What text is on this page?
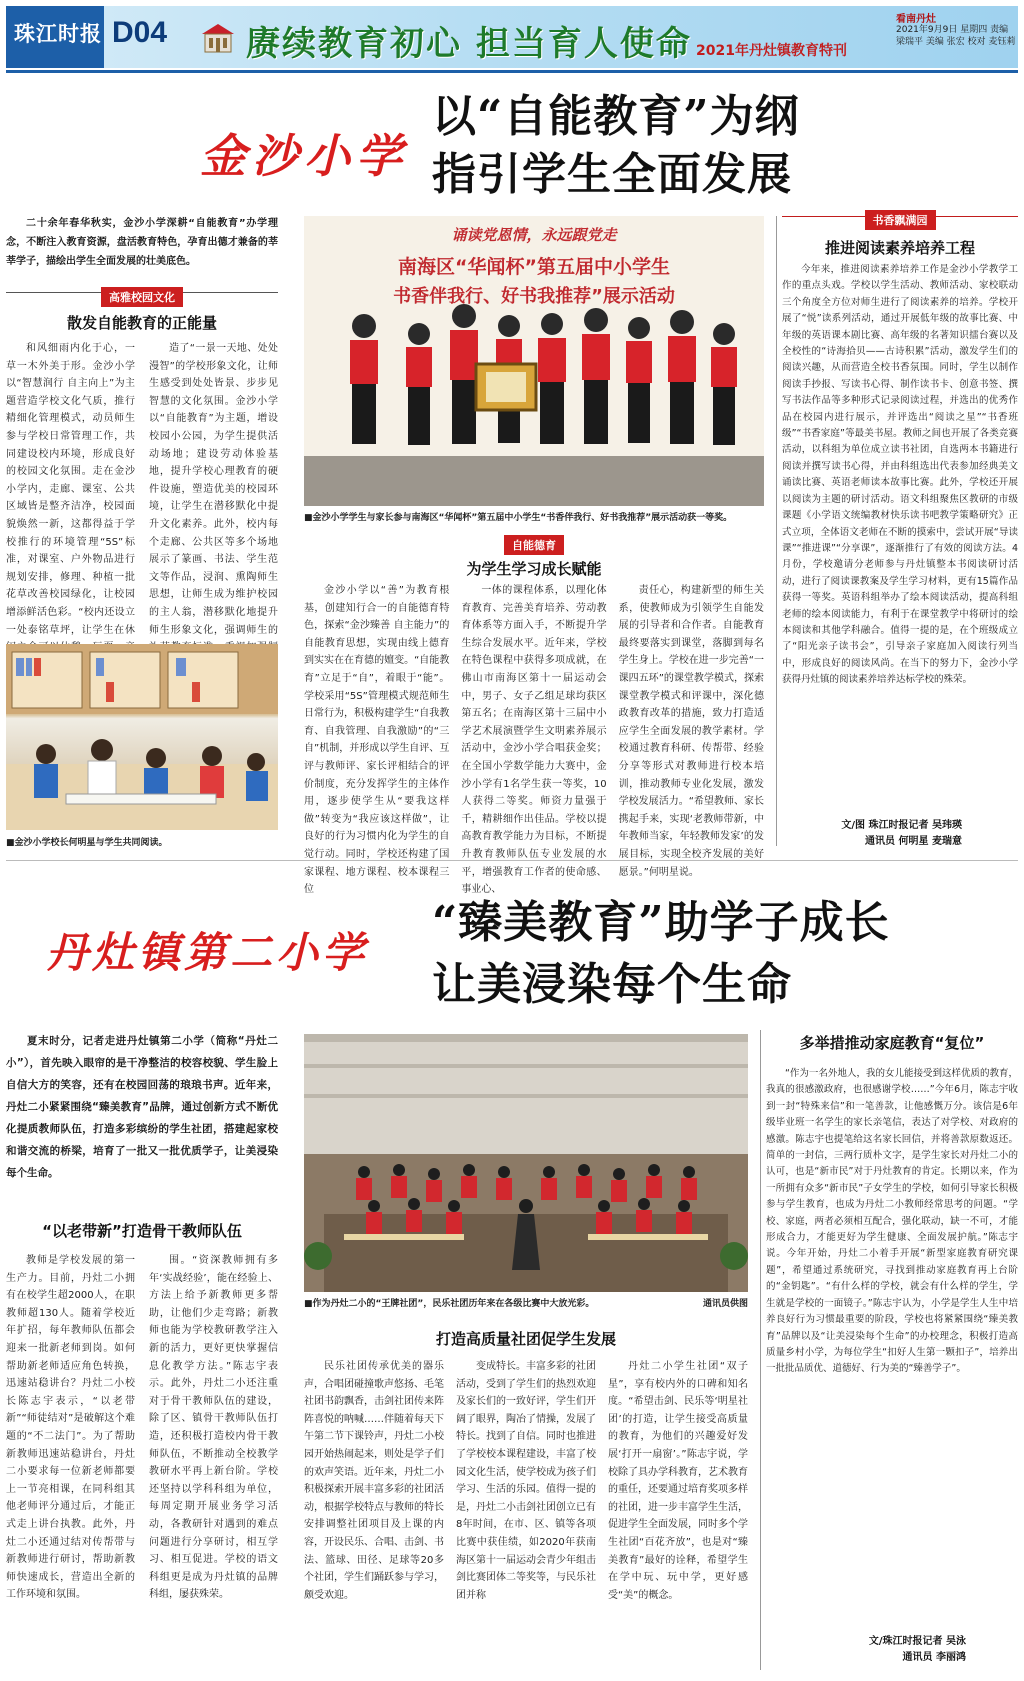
珠江时报 D04 赓续教育初心 担当育人使命 2021年丹灶镇教育特刊
看南丹灶
2021年9月9日 星期四 责编 梁瑞平 美编 张宏 校对 麦钰莉
金沙小学
以“自能教育”为纲
指引学生全面发展
二十余年春华秋实，金沙小学深耕“自能教育”办学理念，不断注入教育资源，盘活教育特色，孕育出德才兼备的莘莘学子，描绘出学生全面发展的壮美底色。
高雅校园文化
散发自能教育的正能量

和风细雨内化于心，一草一木外美于形。金沙小学以“智慧润行 自主向上”为主题营造学校文化气质，推行精细化管理模式，动员师生参与学校日常管理工作，共同建设校内环境，形成良好的校园文化氛围。走在金沙小学内，走廊、课室、公共区域皆是整齐洁净，校园面貌焕然一新，这都得益于学校推行的环境管理“5S”标准，对课室、户外物品进行规划安排，修理、种植一批花草改善校园绿化，让校园增添鲜活色彩。“校内还设立一处泰铭草坪，让学生在休

造了“一景一天地、处处漫智”的学校形象文化，让师生感受到处处皆景、步步见智慧的文化氛围。金沙小学以“自能教育”为主题，增设校园小公园，为学生提供活动场地；建设劳动体验基地，提升学校心理教育的硬件设施，塑造优美的校园环境，让学生在潜移默化中提升文化素养。此外，校内每个走廊、公共区等多个场地展示了篆画、书法、学生范文等作品，浸润、熏陶师生思想，让师生成为维护校园的主人翁，潜移默化地提升师生形象文化，强调师生的

■金沙小学校长何明星与学生共同阅读。
诵读党恩情，永远跟党走
南海区“华闻杯”第五届中小学生
书香伴我行、好书我推荐”展示活动
■金沙小学学生与家长参与南海区“华闻杯”第五届中小学生“书香伴我行、好书我推荐”展示活动获一等奖。
自能德育
为学生学习成长赋能

金沙小学以“善”为教育根基，创建知行合一的自能德育特色，探索“金沙臻善 自主能力”的自能教育思想，实现由线上德育到实实在在育德的嬗变。“自能教育”立足于“自”，着眼于“能”。学校采用“5S”管理模式规范师生日常行为，积极构建学生“自我教育、自我管理、自我激励”的“三自”机制，并形成以学生自评、互评与教师评、家长评相结合的评价制度，充分发挥学生的主体作用，逐步使学生从“要我这样做”转变为“我应该这样做”，让良好的行为习惯内化为学生的自觉行动。同时，学校还构建了国家课程、地方课程、校本课程三位

一体的课程体系，以理化体育教育、完善美育培养、劳动教育体系等方面入手，不断提升学生综合发展水平。近年来，学校在特色课程中获得多项成就，在佛山市南海区第十一届运动会中，男子、女子乙组足球均获区第五名；在南海区第十三届中小学艺术展演暨学生文明素养展示活动中，金沙小学合唱获金奖；在全国小学数学能力大赛中，金沙小学有1名学生获一等奖，10人获得二等奖。师资力量强于千，精耕细作出佳品。学校以提高教育教学能力为目标，不断提升教育教师队伍专业发展的水平，增强教育工作者的使命感、事业心、

责任心，构建新型的师生关系，使教师成为引领学生自能发展的引导者和合作者。自能教育最终要落实到课堂，落脚到每名学生身上。学校在进一步完善“一课四五环”的课堂教学模式，探索课堂教学模式和评课中，深化德政教育改革的措施，致力打造适应学生全面发展的教学素材。学校通过教育科研、传帮带、经验分享等形式对教师进行校本培训，推动教师专业化发展，激发学校发展活力。“希望教师、家长携起手来，实现‘老教师带新，中年教师当家，年轻教师发家’的发展目标，实现全校齐发展的美好愿景。”何明星说。

书香飘满园
推进阅读素养培养工程

今年来，推进阅读素养培养工作是金沙小学教学工作的重点头戏。学校以学生活动、教师活动、家校联动三个角度全方位对师生进行了阅读素养的培养。学校开展了“悦”读系列活动，通过开展低年级的故事比赛、中年级的英语课本剧比赛、高年级的名著知识擂台赛以及全校性的“诗海拾贝——古诗积累”活动，激发学生们的阅读兴趣，从而营造全校书香氛围。同时，学生以制作阅读手抄报、写读书心得、制作读书卡、创意书签、撰写书法作品等多种形式记录阅读过程，并选出的优秀作品在校园内进行展示，并评选出“阅读之星”“书香班级”“书香家庭”等最美书屋。教师之间也开展了各类竞赛活动，以科组为单位成立读书社团，自选两本书籍进行阅读并撰写读书心得，并由科组选出代表参加经典美文诵读比赛、英语老师读本故事比赛。此外，学校还开展以阅读为主题的研讨活动。语文科组聚焦区教研的市级课题《小学语文统编教材快乐读书吧教学策略研究》正式立项，全体语文老师在不断的摸索中，尝试开展“导读课”“推进课”“分享课”，逐渐推行了有效的阅读方法。4月份，学校邀请分老师参与丹灶镇整本书阅读研讨活动，进行了阅读课教案及学生学习材料，更有15篇作品获得一等奖。英语科组举办了绘本阅读活动，提高科组老师的绘本阅读能力，有利于在课堂教学中将研讨的绘本阅读和其他学科融合。值得一提的是，在个班级成立了“阳光亲子读书会”，引导亲子家庭加入阅读行列当中，形成良好的阅读风尚。在当下的努力下，金沙小学获得丹灶镇的阅读素养培养达标学校的殊荣。

文/图 珠江时报记者 吴玮瑛
通讯员 何明星 麦瑞意
丹灶镇第二小学
“臻美教育”助学子成长
让美浸染每个生命
夏末时分，记者走进丹灶镇第二小学（简称“丹灶二小”），首先映入眼帘的是干净整洁的校容校貌、学生脸上自信大方的笑容，还有在校园回荡的琅琅书声。近年来，丹灶二小紧紧围绕“臻美教育”品牌，通过创新方式不断优化提质教师队伍，打造多彩缤纷的学生社团，搭建起家校和谐交流的桥梁，培育了一批又一批优质学子，让美浸染每个生命。
“以老带新”打造骨干教师队伍

教师是学校发展的第一生产力。目前，丹灶二小拥有在校学生超2000人，在职教师超130人。随着学校近年扩招，每年教师队伍都会迎来一批新老师到岗。如何帮助新老师适应角色转换，迅速站稳讲台？丹灶二小校长陈志宇表示，“以老带新”“师徒结对”是破解这个难题的“不二法门”。为了帮助新教师迅速站稳讲台，丹灶二小要求每一位新老师都要上一节亮相课，在同科组其他老师评分通过后，才能正式走上讲台执教。此外，丹灶二小还通过结对传帮带与新教师进行研讨，帮助新教师快速成长，营造出全新的工作环境和氛围。

围。“资深教师拥有多年‘实战经验’，能在经验上、方法上给予新教师更多帮助，让他们少走弯路；新教师也能为学校教研教学注入新的活力，更好更快掌握信息化教学方法。”陈志宇表示。此外，丹灶二小还注重对于骨干教师队伍的建设，除了区、镇骨干教师队伍打造，还积极打造校内骨干教师队伍，不断推动全校教学教研水平再上新台阶。学校还坚持以学科科组为单位，每周定期开展业务学习活动，各教研针对遇到的难点问题进行分享研讨，相互学习、相互促进。学校的语文科组更是成为丹灶镇的品牌科组，屡获殊荣。

■作为丹灶二小的“王牌社团”，民乐社团历年来在各级比赛中大放光彩。	通讯员供图
打造高质量社团促学生发展

民乐社团传承优美的器乐声，合唱团碰撞歌声悠扬、毛笔社团书韵飘香，击剑社团传来阵阵喜悦的呐喊……伴随着每天下午第二节下课铃声，丹灶二小校园开始热闹起来，则处是学子们的欢声笑语。近年来，丹灶二小积极探索开展丰富多彩的社团活动，根据学校特点与教师的特长安排调整社团项目及上课的内容，开设民乐、合唱、击剑、书法、篮球、田径、足球等20多个社团，学生们踊跃参与学习，颇受欢迎。

变成特长。丰富多彩的社团活动，受到了学生们的热烈欢迎及家长们的一致好评，学生们开阔了眼界，陶冶了情操，发展了特长。找到了自信。同时也推进了学校校本课程建设，丰富了校园文化生活，使学校成为孩子们学习、生活的乐园。值得一提的是，丹灶二小击剑社团创立已有8年时间，在市、区、镇等各项比赛中获佳绩，如2020年获南海区第十一届运动会青少年组击剑比赛团体二等奖等，与民乐社团并称

丹灶二小学生社团“双子星”，享有校内外的口碑和知名度。“希望击剑、民乐等‘明星社团’的打造，让学生接受高质量的教育，为他们的兴趣爱好发展‘打开一扇窗’。”陈志宇说，学校除了具办学科教育，艺术教育的重任，还要通过培育奖项多样的社团，进一步丰富学生生活，促进学生全面发展，同时多个学生社团“百花齐放”，也是对“臻美教育”最好的诠释，希望学生在学中玩、玩中学，更好感受“美”的概念。

多举措推动家庭教育“复位”

“作为一名外地人，我的女儿能接受到这样优质的教育，我真的很感激政府，也很感谢学校……”今年6月，陈志宇收到一封“特殊来信”和一笔善款，让他感慨万分。该信是6年级毕业班一名学生的家长亲笔信，表达了对学校、对政府的感激。陈志宇也提笔给这名家长回信，并将善款原数返还。简单的一封信，三两行质朴文字，是学生家长对丹灶二小的认可，也是“新市民”对于丹灶教育的肯定。长期以来，作为一所拥有众多“新市民”子女学生的学校，如何引导家长积极参与学生教育，也成为丹灶二小教师经常思考的问题。“学校、家庭，两者必须相互配合，强化联动，缺一不可，才能形成合力，才能更好为学生健康、全面发展护航。”陈志宇说。今年开始，丹灶二小着手开展“新型家庭教育研究课题”，希望通过系统研究，寻找到推动家庭教育再上台阶的“金钥匙”。“有什么样的学校，就会有什么样的学生，学生就是学校的一面镜子。”陈志宇认为，小学是学生人生中培养良好行为习惯最重要的阶段，学校也将紧紧围绕“臻美教育”品牌以及“让美浸染每个生命”的办校理念，积极打造高质量乡村小学，为每位学生“扣好人生第一颗扣子”，培养出一批批品质优、道德好、行为美的“臻善学子”。

文/珠江时报记者 吴泳
通讯员 李丽鸿
